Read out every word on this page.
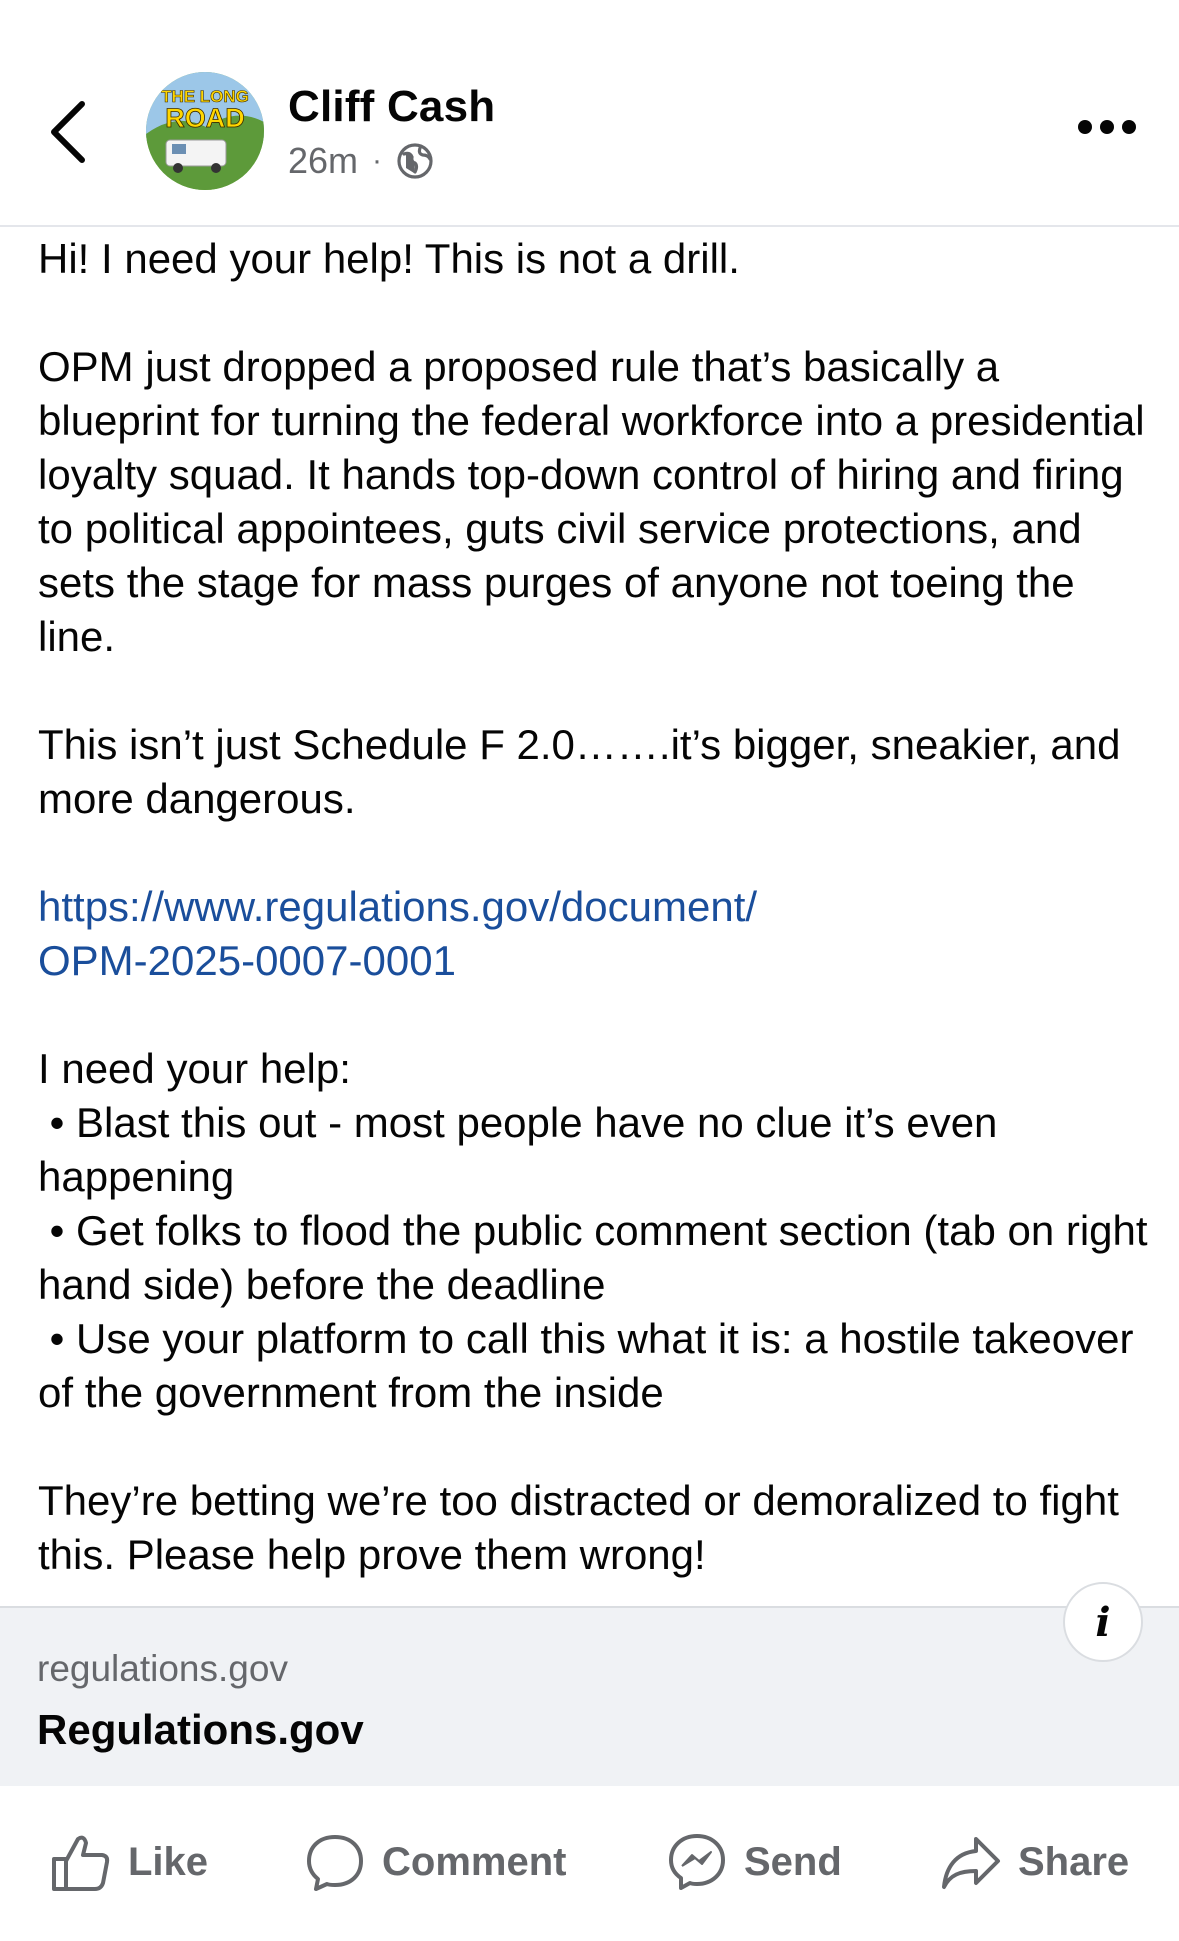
THE LONG
ROAD Cliff Cash
26m ·

Hi! I need your help! This is not a drill.

OPM just dropped a proposed rule that’s basically a blueprint for turning the federal workforce into a presidential loyalty squad. It hands top-down control of hiring and firing to political appointees, guts civil service protections, and sets the stage for mass purges of anyone not toeing the line.

This isn’t just Schedule F 2.0…….it’s bigger, sneakier, and more dangerous.

https://www.regulations.gov/document/
OPM-2025-0007-0001

I need your help:

• Blast this out - most people have no clue it’s even happening
• Get folks to flood the public comment section (tab on right hand side) before the deadline
• Use your platform to call this what it is: a hostile takeover of the government from the inside

They’re betting we’re too distracted or demoralized to fight this. Please help prove them wrong!

i
regulations.gov
Regulations.gov
Like	Comment	Send	Share
